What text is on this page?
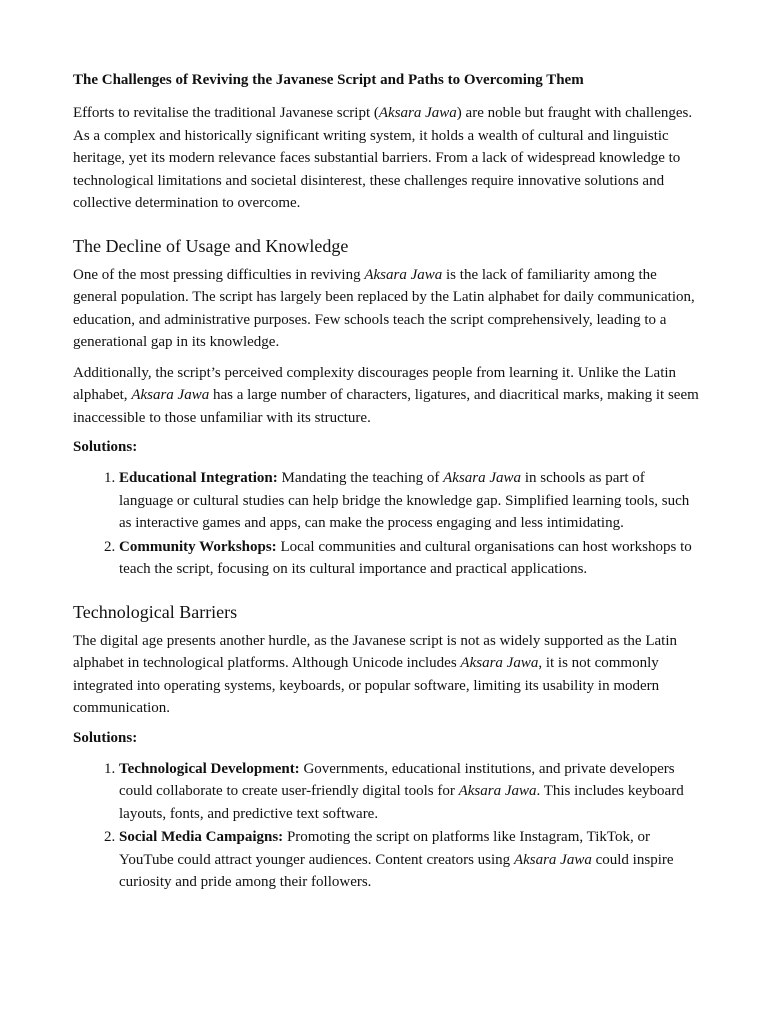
The Challenges of Reviving the Javanese Script and Paths to Overcoming Them

Efforts to revitalise the traditional Javanese script (Aksara Jawa) are noble but fraught with challenges. As a complex and historically significant writing system, it holds a wealth of cultural and linguistic heritage, yet its modern relevance faces substantial barriers. From a lack of widespread knowledge to technological limitations and societal disinterest, these challenges require innovative solutions and collective determination to overcome.

The Decline of Usage and Knowledge

One of the most pressing difficulties in reviving Aksara Jawa is the lack of familiarity among the general population. The script has largely been replaced by the Latin alphabet for daily communication, education, and administrative purposes. Few schools teach the script comprehensively, leading to a generational gap in its knowledge.

Additionally, the script’s perceived complexity discourages people from learning it. Unlike the Latin alphabet, Aksara Jawa has a large number of characters, ligatures, and diacritical marks, making it seem inaccessible to those unfamiliar with its structure.

Solutions:
1. Educational Integration: Mandating the teaching of Aksara Jawa in schools as part of language or cultural studies can help bridge the knowledge gap. Simplified learning tools, such as interactive games and apps, can make the process engaging and less intimidating.
2. Community Workshops: Local communities and cultural organisations can host workshops to teach the script, focusing on its cultural importance and practical applications.
Technological Barriers

The digital age presents another hurdle, as the Javanese script is not as widely supported as the Latin alphabet in technological platforms. Although Unicode includes Aksara Jawa, it is not commonly integrated into operating systems, keyboards, or popular software, limiting its usability in modern communication.

Solutions:
1. Technological Development: Governments, educational institutions, and private developers could collaborate to create user-friendly digital tools for Aksara Jawa. This includes keyboard layouts, fonts, and predictive text software.
2. Social Media Campaigns: Promoting the script on platforms like Instagram, TikTok, or YouTube could attract younger audiences. Content creators using Aksara Jawa could inspire curiosity and pride among their followers.
